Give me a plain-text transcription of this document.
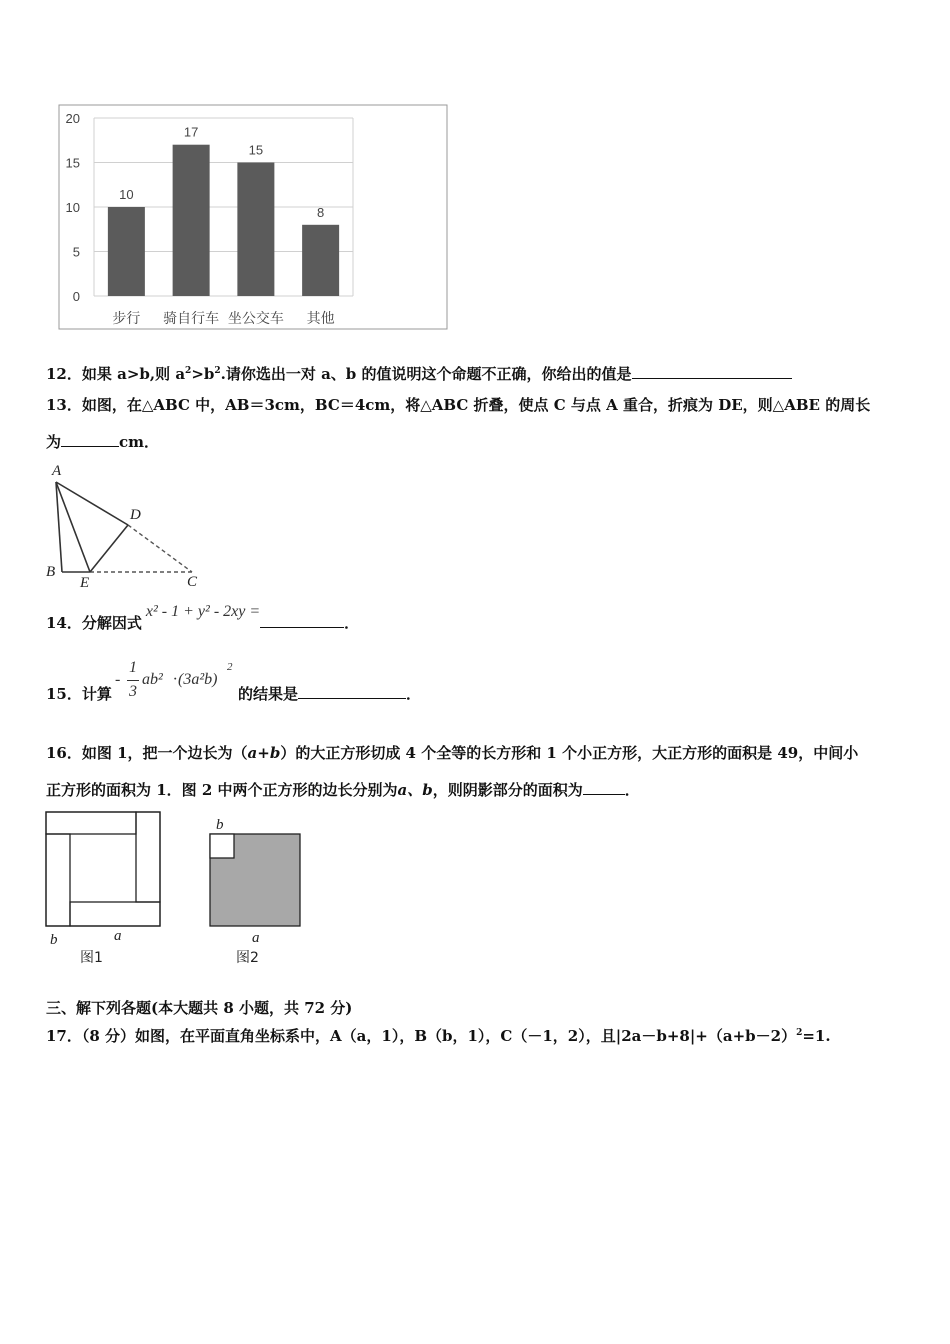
10
17
15
8
0
5
10
15
20
步行 骑自行车 坐公交车 其他
12．如果 a>b,则 $a^2>b^2$.请你选出一对 a、b 的值说明这个命题不正确，你给出的值是
13．如图，在△ABC 中，AB＝3cm，BC＝4cm，将△ABC 折叠，使点 C 与点 A 重合，折痕为 DE，则△ABE 的周长
为	cm．
A
B
C
D
E
14．分解因式x² - 1 + y² - 2xy =．
15．计算
-
1
3
ab² · (3a²b)
2
的结果是	．
16．如图 1，把一个边长为（a+b）的大正方形切成 4 个全等的长方形和 1 个小正方形，大正方形的面积是 49，中间小
正方形的面积为 1．图 2 中两个正方形的边长分别为a、b，则阴影部分的面积为	．
b	a
图1
b
a
图2
三、解下列各题(本大题共 8 小题，共 72 分)
17．（8 分）如图，在平面直角坐标系中，A（a，1），B（b，1），C（－1，2），且$|2a-b+8|+(a+b-2)^2=1$.
